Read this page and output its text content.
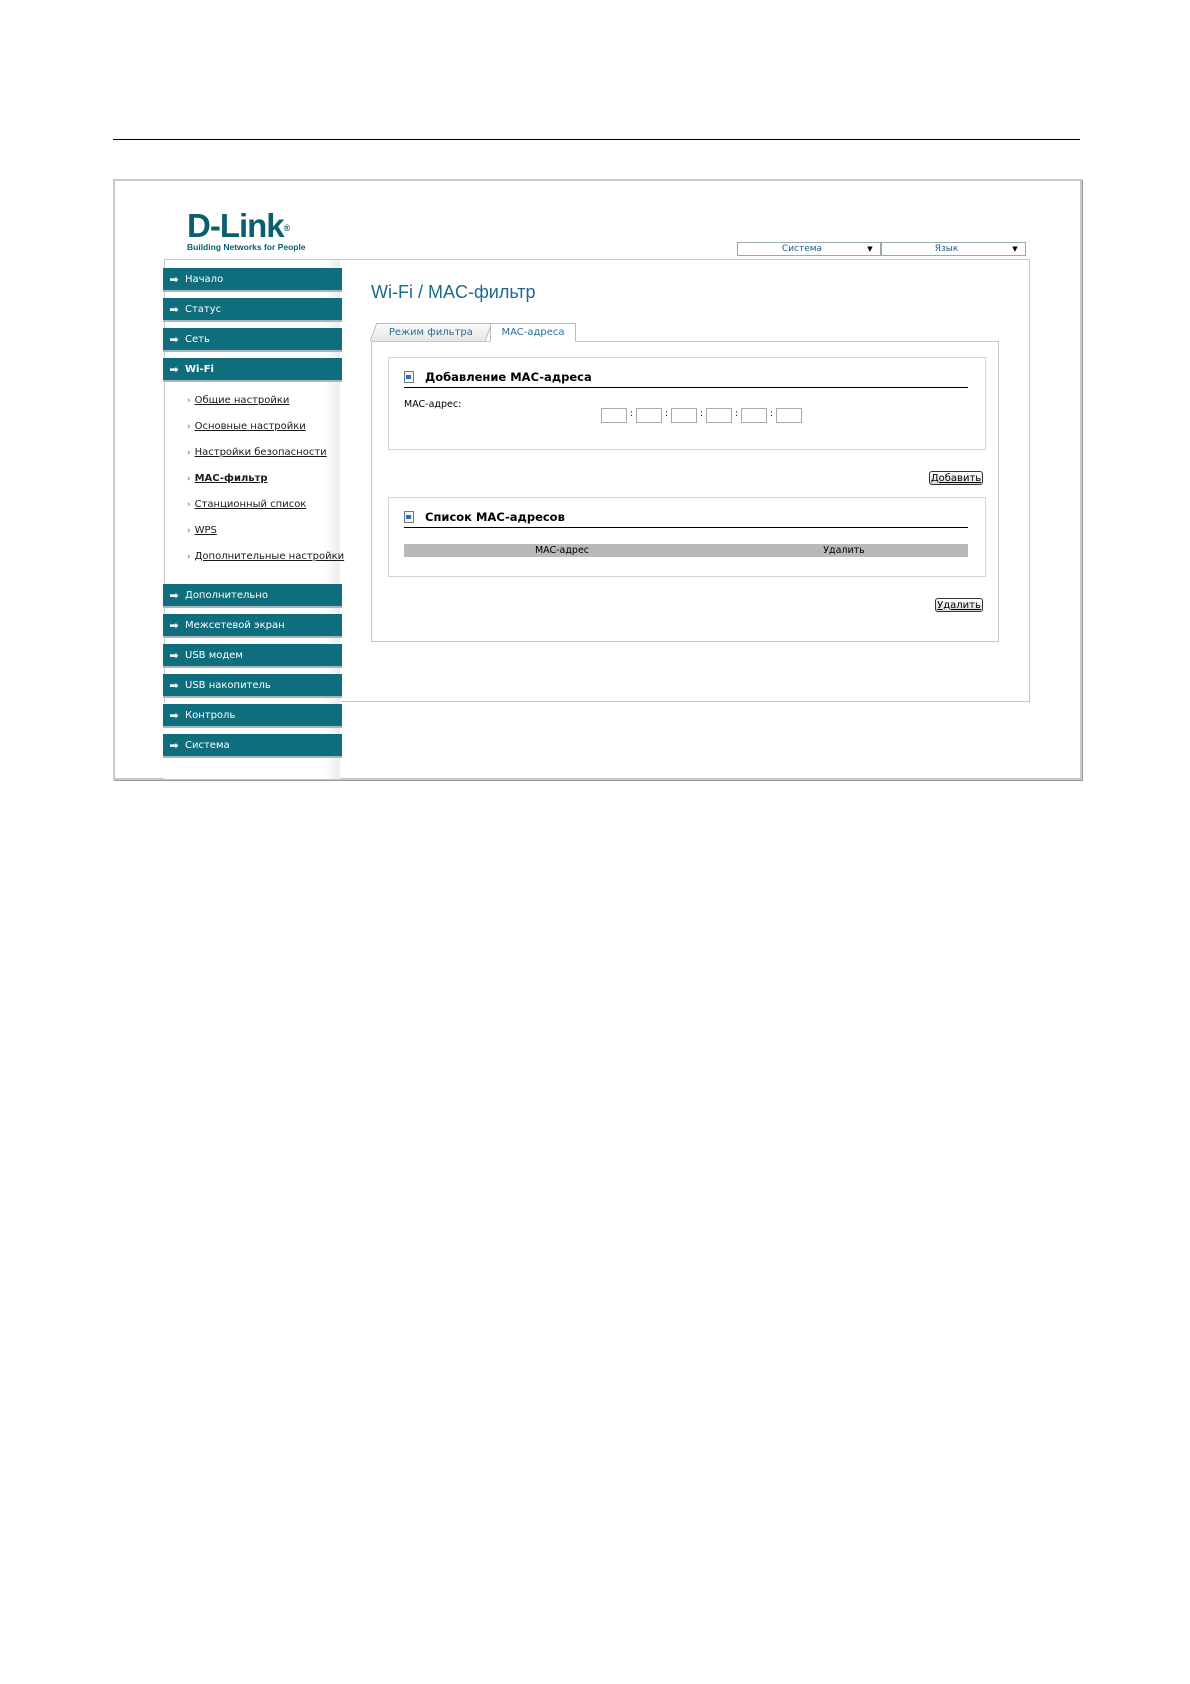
D-Link®
Building Networks for People	Система	▼	Язык	▼
➡ Начало
➡ Статус
➡ Сеть
➡ Wi-Fi
› Общие настройки
› Основные настройки
› Настройки безопасности
› MAC-фильтр
› Станционный список
› WPS
› Дополнительные настройки
➡ Дополнительно
➡ Межсетевой экран
➡ USB модем
➡ USB накопитель
➡ Контроль
➡ Система
Wi-Fi / MAC-фильтр
Режим фильтра	MAC-адреса
Добавление MAC-адреса
MAC-адрес:
:	:	:	:	:
Добавить
Список MAC-адресов
MAC-адрес	Удалить
Удалить
